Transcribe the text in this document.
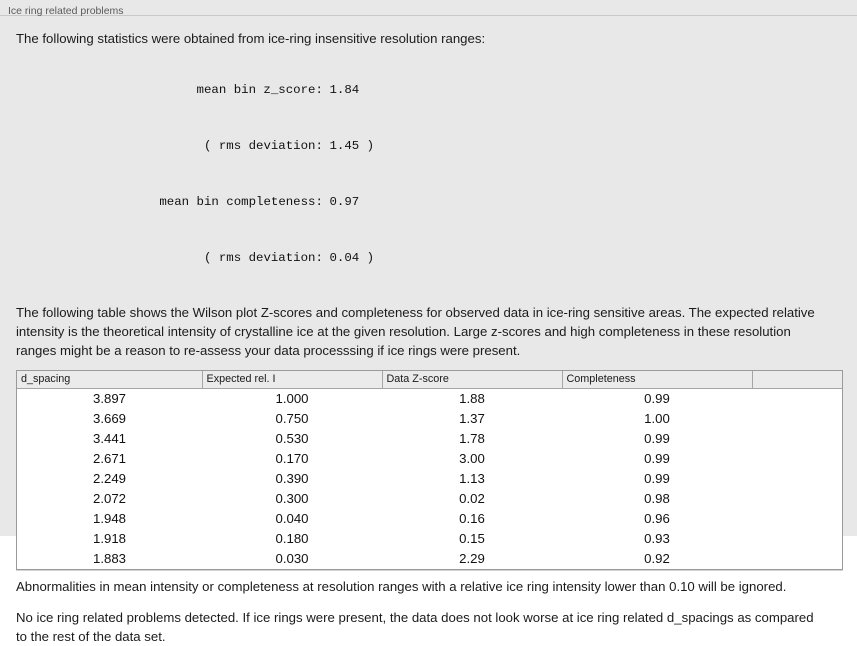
Ice ring related problems

The following statistics were obtained from ice-ring insensitive resolution ranges:

mean bin z_score: 1.84

( rms deviation: 1.45 )

mean bin completeness: 0.97

( rms deviation: 0.04 )

The following table shows the Wilson plot Z-scores and completeness for observed data in ice-ring sensitive areas. The expected relative intensity is the theoretical intensity of crystalline ice at the given resolution. Large z-scores and high completeness in these resolution ranges might be a reason to re-assess your data processsing if ice rings were present.

d_spacing	Expected rel. I	Data Z-score	Completeness	
3.897	1.000	1.88	0.99	
3.669	0.750	1.37	1.00	
3.441	0.530	1.78	0.99	
2.671	0.170	3.00	0.99	
2.249	0.390	1.13	0.99	
2.072	0.300	0.02	0.98	
1.948	0.040	0.16	0.96	
1.918	0.180	0.15	0.93	
1.883	0.030	2.29	0.92	

Abnormalities in mean intensity or completeness at resolution ranges with a relative ice ring intensity lower than 0.10 will be ignored.

No ice ring related problems detected. If ice rings were present, the data does not look worse at ice ring related d_spacings as compared to the rest of the data set.
